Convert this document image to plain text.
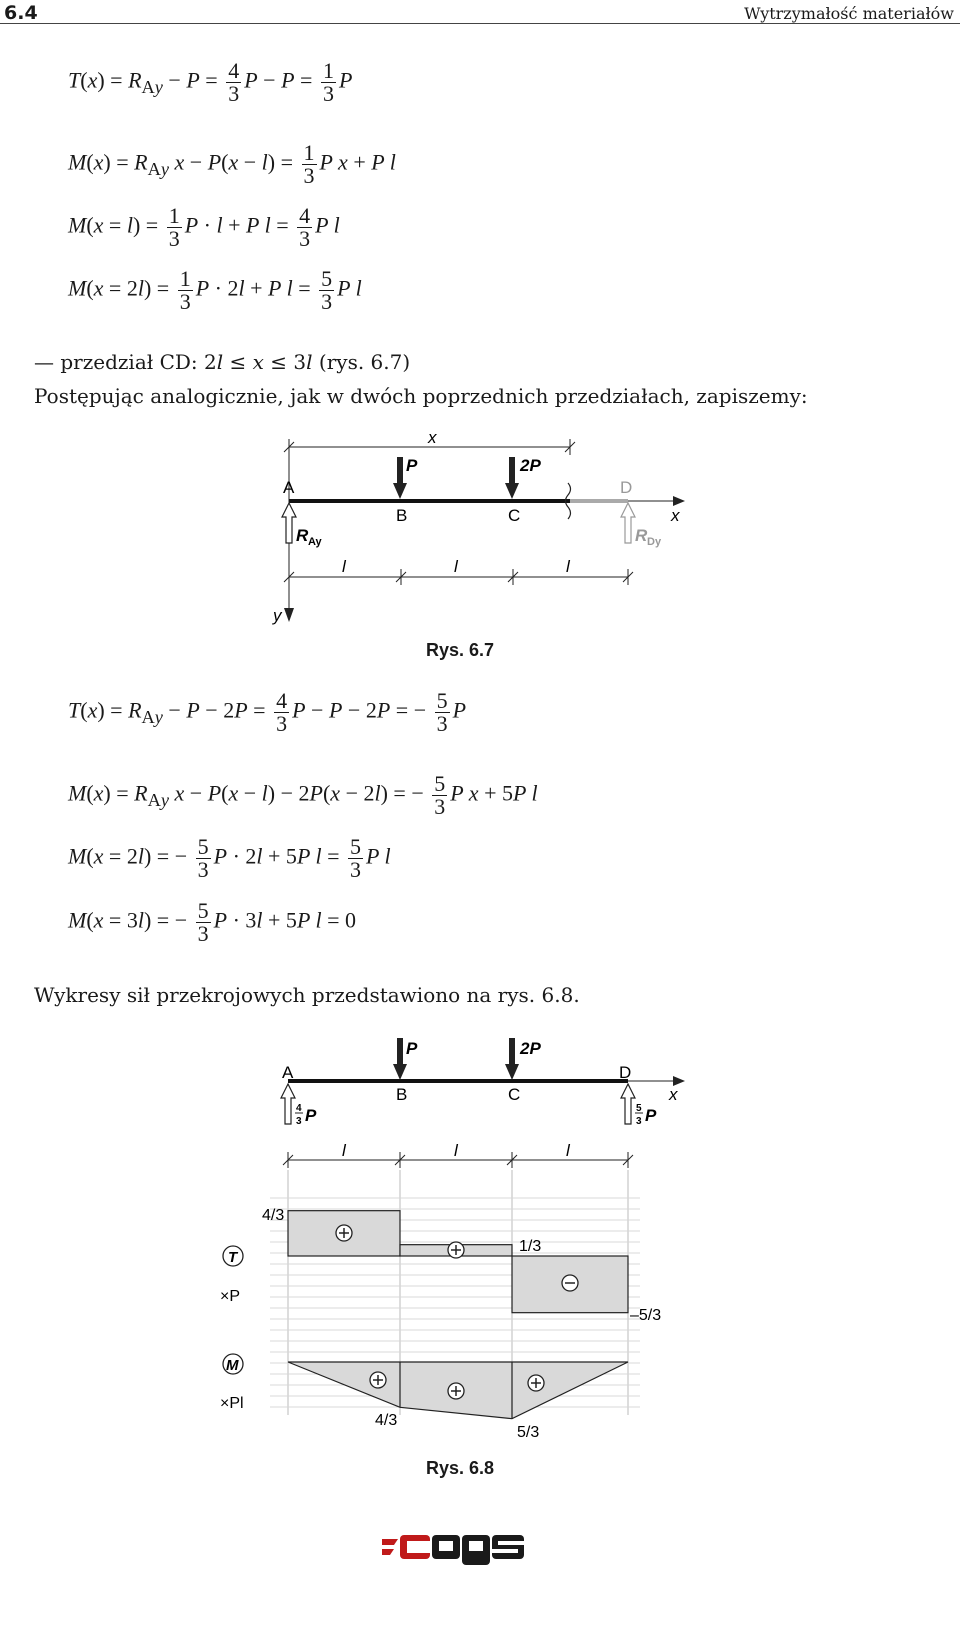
6.4	Wytrzymałość materiałów
$T(x) = R_{Ay} - P = \frac{4}{3}$ $P - P = \frac{1}{3}$ P
$M(x) = R_{Ay}$ $x - P(x - l) = \frac{1}{3}$ P x + P l
$M(x = l) = \frac{1}{3}$ P · l + P $l = \frac{4}{3}$ P l
$M(x = 2l) = \frac{1}{3}$ P · 2l + P $l = \frac{5}{3}$ P l
— przedział CD: 2l ≤ x ≤ 3l (rys. 6.7)
Postępując analogicznie, jak w dwóch poprzednich przedziałach, zapiszemy:
x
y
x
A
B	C
D
P	2P
R Ay	R Dy
l	l	l
Rys. 6.7
$T(x) = R_{Ay} - P - 2P = \frac{4}{3}$ P − P − 2P = − $\frac{5}{3}$ P
$M(x) = R_{Ay}$ x − P(x − l) − 2P(x − 2l) = − $\frac{5}{3}$ P x + 5P l
M(x = 2l) = − $\frac{5}{3}$ P · 2l + 5P $l = \frac{5}{3}$ P l
M(x = 3l) = − $\frac{5}{3}$ P · 3l + 5P l = 0
Wykresy sił przekrojowych przedstawiono na rys. 6.8.
x
A
B	C
D
P	2P
4
3 P	5
3 P
l	l	l
T
×P
4/3
1/3
–5/3
M
×Pl
4/3
5/3
Rys. 6.8
